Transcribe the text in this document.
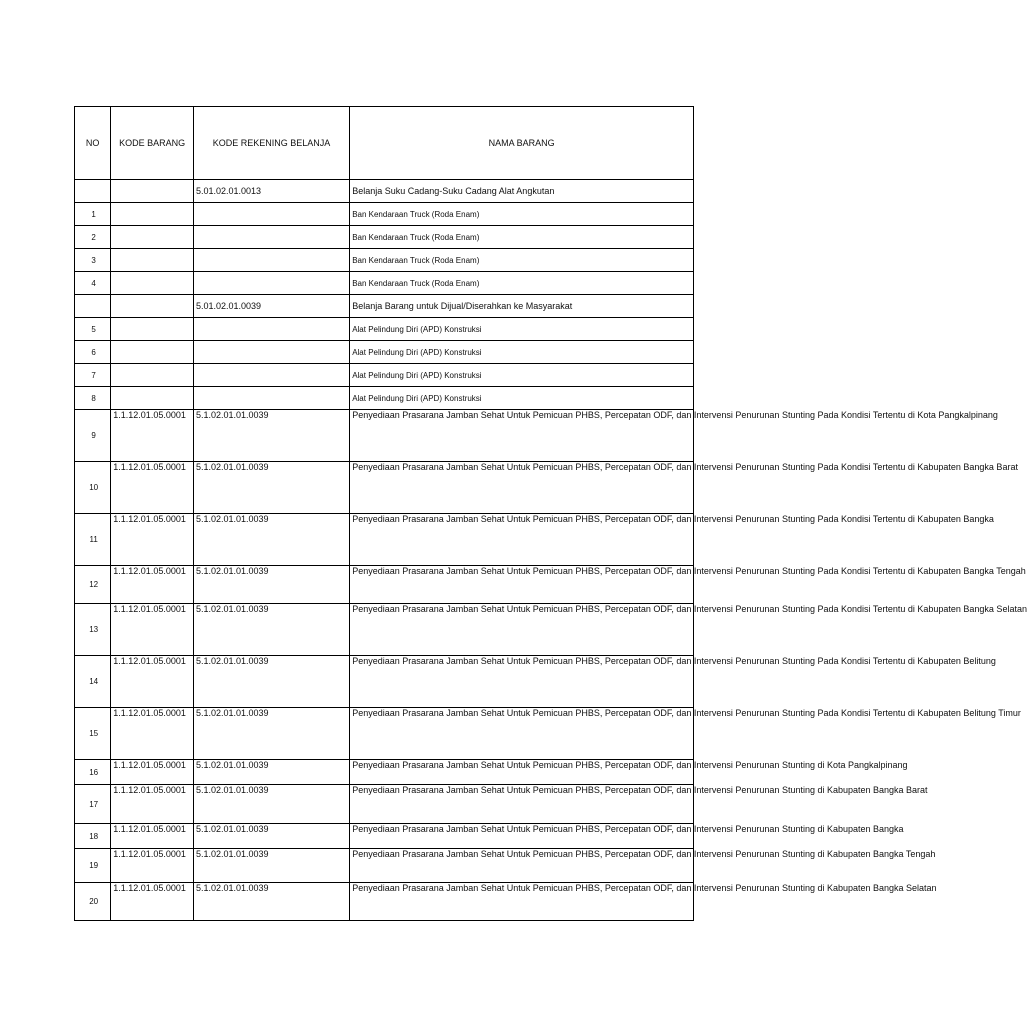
NO	KODE BARANG	KODE REKENING BELANJA	NAMA BARANG
		5.01.02.01.0013	Belanja Suku Cadang-Suku Cadang Alat Angkutan
1			Ban Kendaraan Truck (Roda Enam)
2			Ban Kendaraan Truck (Roda Enam)
3			Ban Kendaraan Truck (Roda Enam)
4			Ban Kendaraan Truck (Roda Enam)
		5.01.02.01.0039	Belanja Barang untuk Dijual/Diserahkan ke Masyarakat
5			Alat Pelindung Diri (APD) Konstruksi
6			Alat Pelindung Diri (APD) Konstruksi
7			Alat Pelindung Diri (APD) Konstruksi
8			Alat Pelindung Diri (APD) Konstruksi
9	1.1.12.01.05.0001	5.1.02.01.01.0039	Penyediaan Prasarana Jamban Sehat Untuk Pemicuan PHBS, Percepatan ODF, dan Intervensi Penurunan Stunting Pada Kondisi Tertentu di Kota Pangkalpinang
10	1.1.12.01.05.0001	5.1.02.01.01.0039	Penyediaan Prasarana Jamban Sehat Untuk Pemicuan PHBS, Percepatan ODF, dan Intervensi Penurunan Stunting Pada Kondisi Tertentu di Kabupaten Bangka Barat
11	1.1.12.01.05.0001	5.1.02.01.01.0039	Penyediaan Prasarana Jamban Sehat Untuk Pemicuan PHBS, Percepatan ODF, dan Intervensi Penurunan Stunting Pada Kondisi Tertentu di Kabupaten Bangka
12	1.1.12.01.05.0001	5.1.02.01.01.0039	Penyediaan Prasarana Jamban Sehat Untuk Pemicuan PHBS, Percepatan ODF, dan Intervensi Penurunan Stunting Pada Kondisi Tertentu di Kabupaten Bangka Tengah
13	1.1.12.01.05.0001	5.1.02.01.01.0039	Penyediaan Prasarana Jamban Sehat Untuk Pemicuan PHBS, Percepatan ODF, dan Intervensi Penurunan Stunting Pada Kondisi Tertentu di Kabupaten Bangka Selatan
14	1.1.12.01.05.0001	5.1.02.01.01.0039	Penyediaan Prasarana Jamban Sehat Untuk Pemicuan PHBS, Percepatan ODF, dan Intervensi Penurunan Stunting Pada Kondisi Tertentu di Kabupaten Belitung
15	1.1.12.01.05.0001	5.1.02.01.01.0039	Penyediaan Prasarana Jamban Sehat Untuk Pemicuan PHBS, Percepatan ODF, dan Intervensi Penurunan Stunting Pada Kondisi Tertentu di Kabupaten Belitung Timur
16	1.1.12.01.05.0001	5.1.02.01.01.0039	Penyediaan Prasarana Jamban Sehat Untuk Pemicuan PHBS, Percepatan ODF, dan Intervensi Penurunan Stunting di Kota Pangkalpinang
17	1.1.12.01.05.0001	5.1.02.01.01.0039	Penyediaan Prasarana Jamban Sehat Untuk Pemicuan PHBS, Percepatan ODF, dan Intervensi Penurunan Stunting di Kabupaten Bangka Barat
18	1.1.12.01.05.0001	5.1.02.01.01.0039	Penyediaan Prasarana Jamban Sehat Untuk Pemicuan PHBS, Percepatan ODF, dan Intervensi Penurunan Stunting di Kabupaten Bangka
19	1.1.12.01.05.0001	5.1.02.01.01.0039	Penyediaan Prasarana Jamban Sehat Untuk Pemicuan PHBS, Percepatan ODF, dan Intervensi Penurunan Stunting di Kabupaten Bangka Tengah
20	1.1.12.01.05.0001	5.1.02.01.01.0039	Penyediaan Prasarana Jamban Sehat Untuk Pemicuan PHBS, Percepatan ODF, dan Intervensi Penurunan Stunting di Kabupaten Bangka Selatan
